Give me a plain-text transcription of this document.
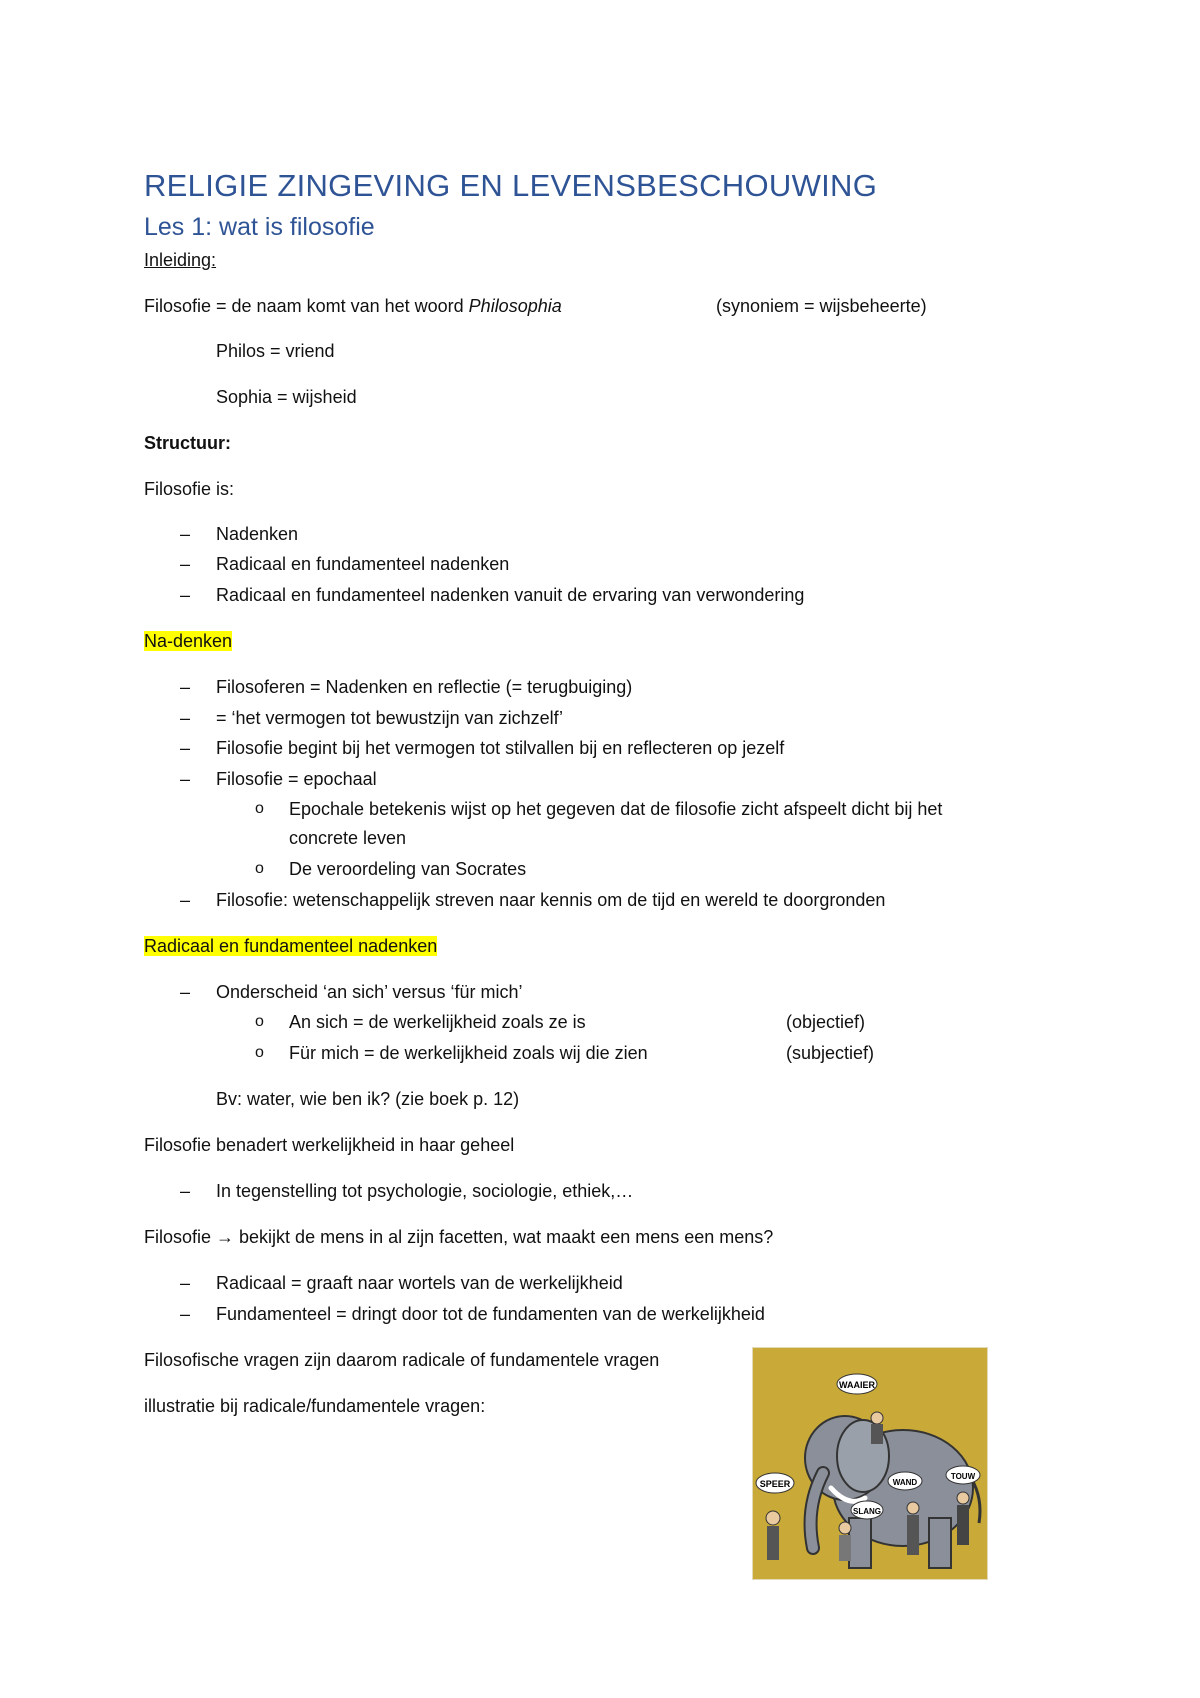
RELIGIE ZINGEVING EN LEVENSBESCHOUWING
Les 1: wat is filosofie
Inleiding:
Filosofie = de naam komt van het woord Philosophia	(synoniem = wijsbeheerte)
Philos = vriend
Sophia = wijsheid
Structuur:
Filosofie is:
– Nadenken
– Radicaal en fundamenteel nadenken
– Radicaal en fundamenteel nadenken vanuit de ervaring van verwondering
Na-denken
– Filosoferen = Nadenken en reflectie (= terugbuiging)
– = ‘het vermogen tot bewustzijn van zichzelf’
– Filosofie begint bij het vermogen tot stilvallen bij en reflecteren op jezelf
– Filosofie = epochaal
o Epochale betekenis wijst op het gegeven dat de filosofie zicht afspeelt dicht bij het
concrete leven
o De veroordeling van Socrates
– Filosofie: wetenschappelijk streven naar kennis om de tijd en wereld te doorgronden
Radicaal en fundamenteel nadenken
– Onderscheid ‘an sich’ versus ‘für mich’
o An sich = de werkelijkheid zoals ze is	(objectief)
o Für mich = de werkelijkheid zoals wij die zien	(subjectief)
Bv: water, wie ben ik? (zie boek p. 12)
Filosofie benadert werkelijkheid in haar geheel
– In tegenstelling tot psychologie, sociologie, ethiek,…
Filosofie → bekijkt de mens in al zijn facetten, wat maakt een mens een mens?
– Radicaal = graaft naar wortels van de werkelijkheid
– Fundamenteel = dringt door tot de fundamenten van de werkelijkheid
Filosofische vragen zijn daarom radicale of fundamentele vragen
illustratie bij radicale/fundamentele vragen:
WAAIER
SPEER	WAND
TOUW
SLANG
